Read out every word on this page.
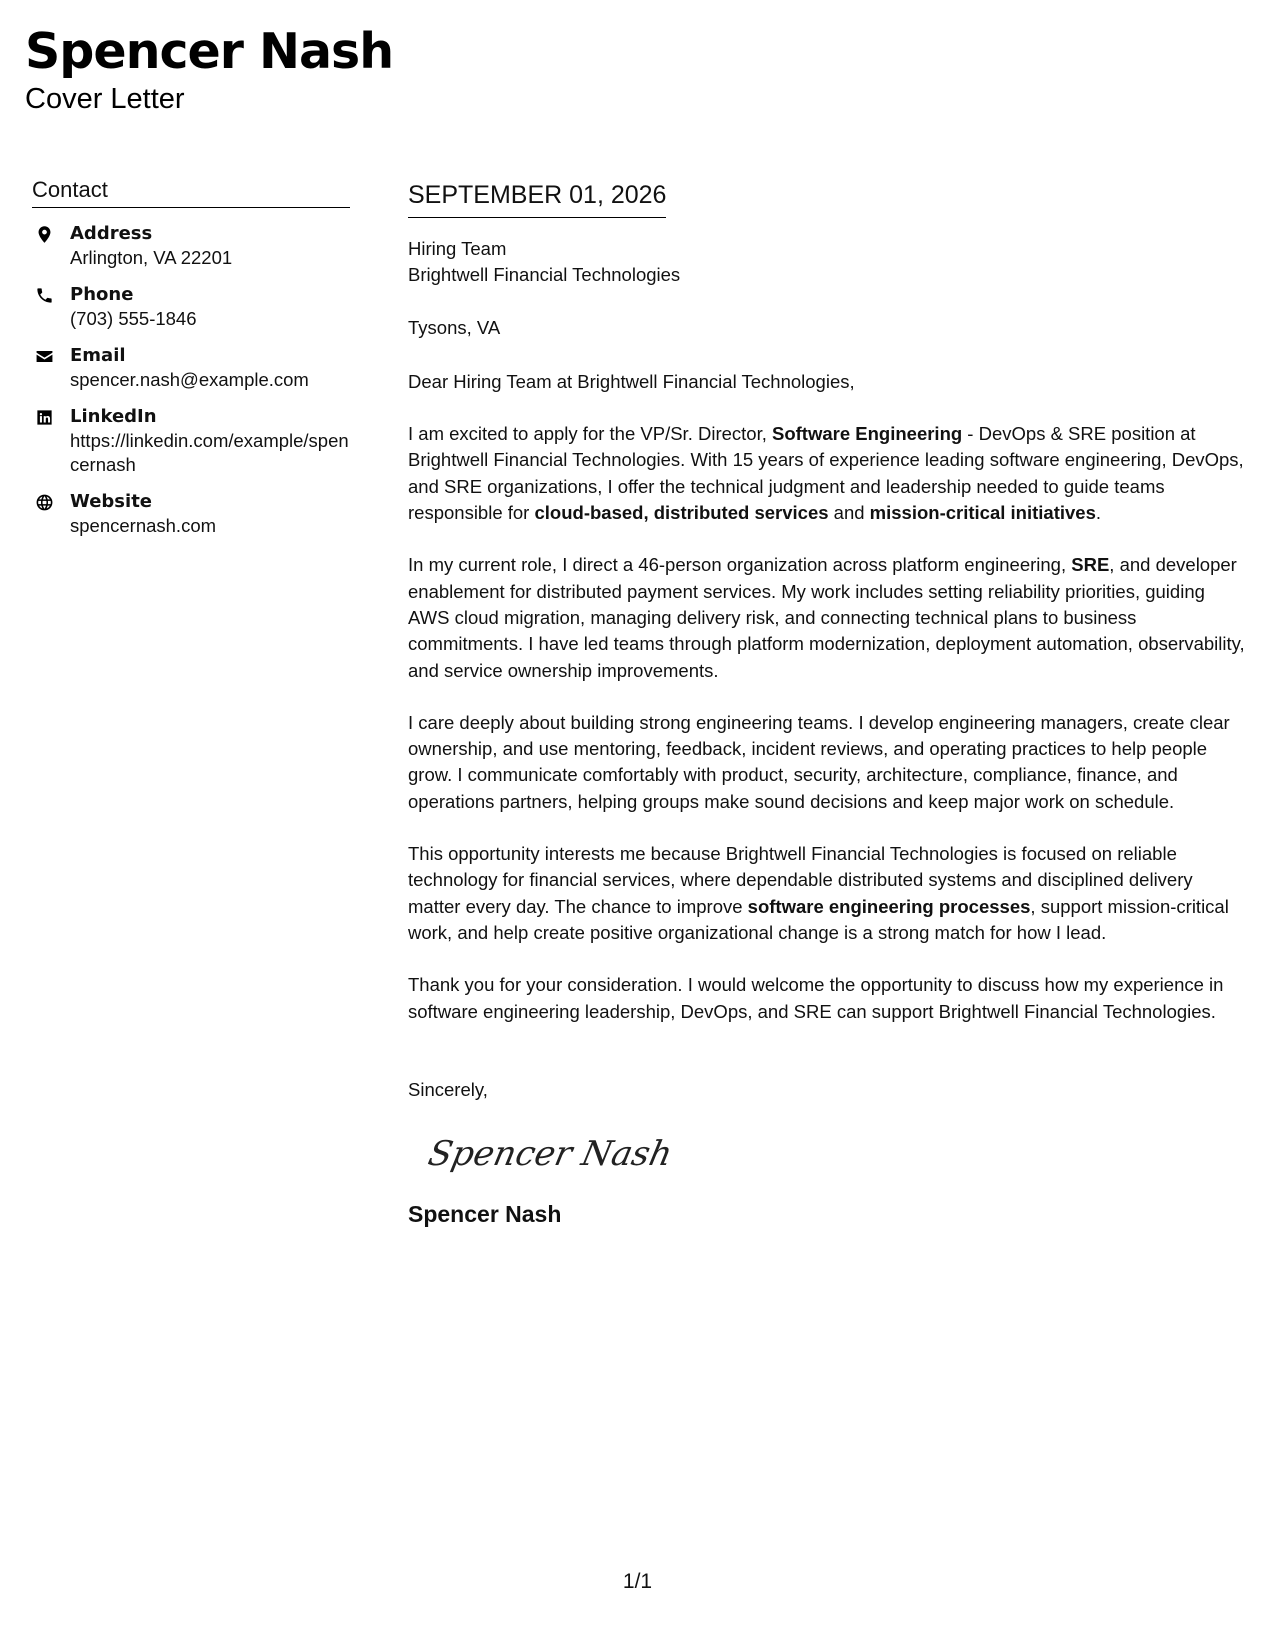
Spencer Nash
Cover Letter
Contact
Address
Arlington, VA 22201
Phone
(703) 555-1846
Email
spencer.nash@example.com
LinkedIn
https://linkedin.com/example/spencernash
Website
spencernash.com
SEPTEMBER 01, 2026
Hiring Team
Brightwell Financial Technologies
Tysons, VA
Dear Hiring Team at Brightwell Financial Technologies,
I am excited to apply for the VP/Sr. Director, Software Engineering - DevOps & SRE position at Brightwell Financial Technologies. With 15 years of experience leading software engineering, DevOps, and SRE organizations, I offer the technical judgment and leadership needed to guide teams responsible for cloud-based, distributed services and mission-critical initiatives.
In my current role, I direct a 46-person organization across platform engineering, SRE, and developer enablement for distributed payment services. My work includes setting reliability priorities, guiding AWS cloud migration, managing delivery risk, and connecting technical plans to business commitments. I have led teams through platform modernization, deployment automation, observability, and service ownership improvements.
I care deeply about building strong engineering teams. I develop engineering managers, create clear ownership, and use mentoring, feedback, incident reviews, and operating practices to help people grow. I communicate comfortably with product, security, architecture, compliance, finance, and operations partners, helping groups make sound decisions and keep major work on schedule.
This opportunity interests me because Brightwell Financial Technologies is focused on reliable technology for financial services, where dependable distributed systems and disciplined delivery matter every day. The chance to improve software engineering processes, support mission-critical work, and help create positive organizational change is a strong match for how I lead.
Thank you for your consideration. I would welcome the opportunity to discuss how my experience in software engineering leadership, DevOps, and SRE can support Brightwell Financial Technologies.
Sincerely,
Spencer Nash
Spencer Nash
1/1
